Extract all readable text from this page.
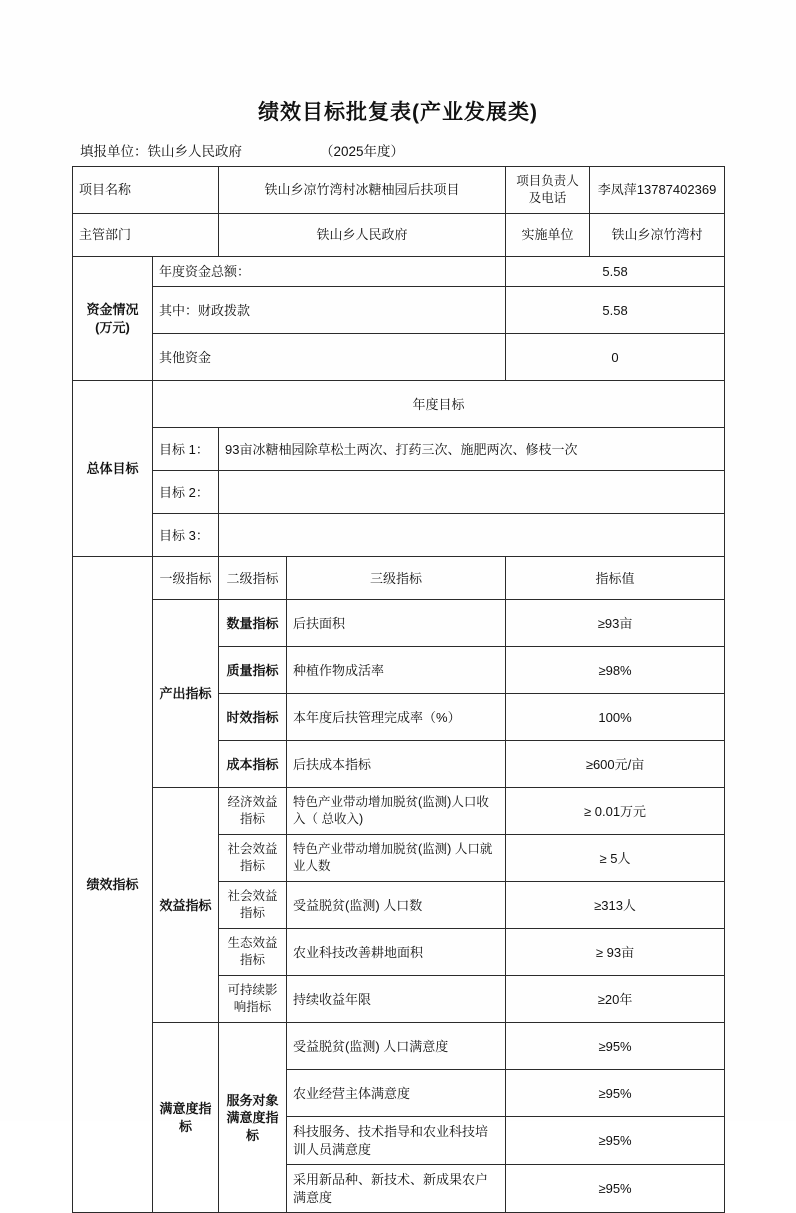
绩效目标批复表(产业发展类)
填报单位：铁山乡人民政府	（2025年度）
项目名称		铁山乡凉竹湾村冰糖柚园后扶项目		项目负责人及电话	李凤萍13787402369
主管部门		铁山乡人民政府		实施单位	铁山乡凉竹湾村
资金情况(万元)	年度资金总额：			5.58	
	其中：财政拨款			5.58	
	其他资金			0	
总体目标	年度目标				
	目标 1：	93亩冰糖柚园除草松土两次、打药三次、施肥两次、修枝一次			
	目标 2：				
	目标 3：				
绩效指标	一级指标	二级指标	三级指标	指标值	
	产出指标	数量指标	后扶面积	≥93亩	
		质量指标	种植作物成活率	≥98%	
		时效指标	本年度后扶管理完成率（%）	100%	
		成本指标	后扶成本指标	≥600元/亩	
	效益指标	经济效益指标	特色产业带动增加脱贫(监测)人口收入（ 总收入)	≥ 0.01万元	
		社会效益指标	特色产业带动增加脱贫(监测) 人口就业人数	≥ 5人	
		社会效益指标	受益脱贫(监测) 人口数	≥313人	
		生态效益指标	农业科技改善耕地面积	≥ 93亩	
		可持续影响指标	持续收益年限	≥20年	
	满意度指标	服务对象满意度指标	受益脱贫(监测) 人口满意度	≥95%	
			农业经营主体满意度	≥95%	
			科技服务、技术指导和农业科技培训人员满意度	≥95%	
			采用新品种、新技术、新成果农户满意度	≥95%	
